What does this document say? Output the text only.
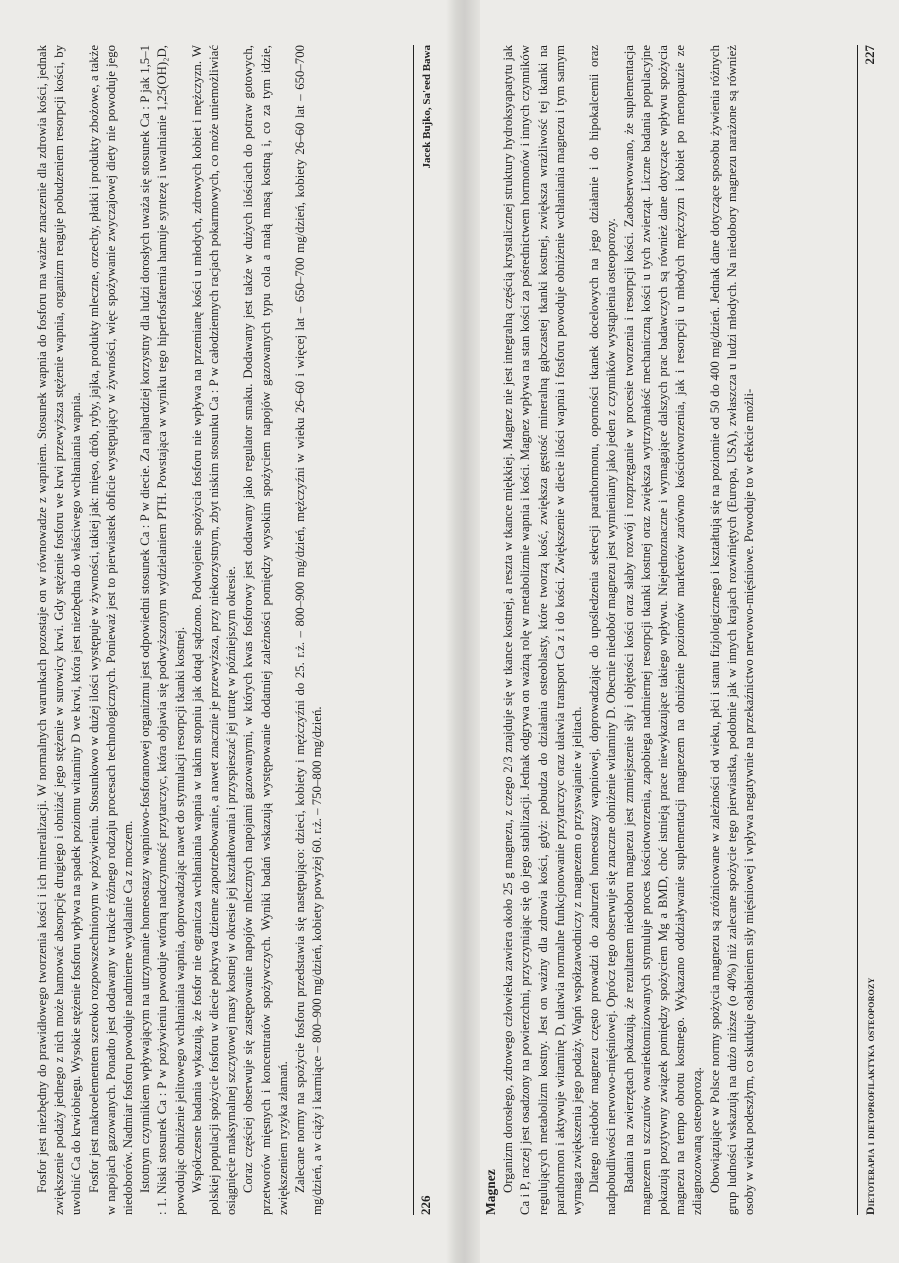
Fosfor jest niezbędny do prawidłowego tworzenia kości i ich mineralizacji. W normalnych warunkach pozostaje on w równowadze z wapniem. Stosunek wapnia do fosforu ma ważne znaczenie dla zdrowia kości, jednak zwiększenie podaży jednego z nich może hamować absorpcję drugiego i obniżać jego stężenie w surowicy krwi. Gdy stężenie fosforu we krwi przewyższa stężenie wapnia, organizm reaguje pobudzeniem resorpcji kości, by uwolnić Ca do krwiobiegu. Wysokie stężenie fosforu wpływa na spadek poziomu witaminy D we krwi, która jest niezbędna do właściwego wchłaniania wapnia. Fosfor jest makroelementem szeroko rozpowszechnionym w pożywieniu. Stosunkowo w dużej ilości występuje w żywności, takiej jak: mięso, drób, ryby, jajka, produkty mleczne, orzechy, płatki i produkty zbożowe, a także w napojach gazowanych. Ponadto jest dodawany w trakcie różnego rodzaju procesach technologicznych. Ponieważ jest to pierwiastek obficie występujący w żywności, więc spożywanie zwyczajowej diety nie powoduje jego niedoborów. Nadmiar fosforu powoduje nadmierne wydalanie Ca z moczem. Istotnym czynnikiem wpływającym na utrzymanie homeostazy wapniowo-fosforanowej organizmu jest odpowiedni stosunek Ca : P w diecie. Za najbardziej korzystny dla ludzi dorosłych uważa się stosunek Ca : P jak 1,5–1 : 1. Niski stosunek Ca : P w pożywieniu powoduje wtórną nadczynność przytarczyc, która objawia się podwyższonym wydzielaniem PTH. Powstająca w wyniku tego hiperfosfatemia hamuje syntezę i uwalnianie 1,25(OH)₂D, powodując obniżenie jelitowego wchłaniania wapnia, doprowadzając nawet do stymulacji resorpcji tkanki kostnej. Współczesne badania wykazują, że fosfor nie ogranicza wchłaniania wapnia w takim stopniu jak dotąd sądzono. Podwojenie spożycia fosforu nie wpływa na przemianę kości u młodych, zdrowych kobiet i mężczyzn. W polskiej populacji spożycie fosforu w diecie pokrywa dzienne zapotrzebowanie, a nawet znacznie je przewyższa, przy niekorzystnym, zbyt niskim stosunku Ca : P w całodziennych racjach pokarmowych, co może uniemożliwiać osiągnięcie maksymalnej szczytowej masy kostnej w okresie jej kształtowania i przyspieszać jej utratę w późniejszym okresie. Coraz częściej obserwuje się zastępowanie napojów mlecznych napojami gazowanymi, w których kwas fosforowy jest dodawany jako regulator smaku. Dodawany jest także w dużych ilościach do potraw gotowych, przetworów mięsnych i koncentratów spożywczych. Wyniki badań wskazują występowanie dodatniej zależności pomiędzy wysokim spożyciem napojów gazowanych typu cola a małą masą kostną i, co za tym idzie, zwiększeniem ryzyka złamań. Zalecane normy na spożycie fosforu przedstawia się następująco: dzieci, kobiety i mężczyźni do 25. r.ż. – 800–900 mg/dzień, mężczyźni w wieku 26–60 i więcej lat – 650–700 mg/dzień, kobiety 26–60 lat – 650–700 mg/dzień, a w ciąży i karmiące – 800–900 mg/dzień, kobiety powyżej 60. r.ż. – 750–800 mg/dzień.	226
Jacek Bujko, Sa'eed Bawa
Magnez Organizm dorosłego, zdrowego człowieka zawiera około 25 g magnezu, z czego 2/3 znajduje się w tkance kostnej, a reszta w tkance miękkiej. Magnez nie jest integralną częścią krystalicznej struktury hydroksyapatytu jak Ca i P, raczej jest osadzony na powierzchni, przyczyniając się do jego stabilizacji. Jednak odgrywa on ważną rolę w metabolizmie wapnia i kości. Magnez wpływa na stan kości za pośrednictwem hormonów i innych czynników regulujących metabolizm kostny. Jest on ważny dla zdrowia kości, gdyż: pobudza do działania osteoblasty, które tworzą kość, zwiększa gęstość mineralną gąbczastej tkanki kostnej, zwiększa wrażliwość tej tkanki na parathormon i aktywuje witaminę D, ułatwia normalne funkcjonowanie przytarczyc oraz ułatwia transport Ca z i do kości. Zwiększenie w diecie ilości wapnia i fosforu powoduje obniżenie wchłaniania magnezu i tym samym wymaga zwiększenia jego podaży. Wapń współzawodniczy z magnezem o przyswajanie w jelitach. Dlatego niedobór magnezu często prowadzi do zaburzeń homeostazy wapniowej, doprowadzając do upośledzenia sekrecji parathormonu, oporności tkanek docelowych na jego działanie i do hipokalcemii oraz nadpobudliwości nerwowo-mięśniowej. Oprócz tego obserwuje się znaczne obniżenie witaminy D. Obecnie niedobór magnezu jest wymieniany jako jeden z czynników wystąpienia osteoporozy. Badania na zwierzętach pokazują, że rezultatem niedoboru magnezu jest zmniejszenie siły i objętości kości oraz słaby rozwój i rozprzęganie w procesie tworzenia i resorpcji kości. Zaobserwowano, że suplementacja magnezem u szczurów owariektomizowanych stymuluje proces kościotworzenia, zapobiega nadmiernej resorpcji tkanki kostnej oraz zwiększa wytrzymałość mechaniczną kości u tych zwierząt. Liczne badania populacyjne pokazują pozytywny związek pomiędzy spożyciem Mg a BMD, choć istnieją prace niewykazujące takiego wpływu. Niejednoznaczne i wymagające dalszych prac badawczych są również dane dotyczące wpływu spożycia magnezu na tempo obrotu kostnego. Wykazano oddziaływanie suplementacji magnezem na obniżenie poziomów markerów zarówno kościotworzenia, jak i resorpcji u młodych mężczyzn i kobiet po menopauzie ze zdiagnozowaną osteoporozą. Obowiązujące w Polsce normy spożycia magnezu są zróżnicowane w zależności od wieku, płci i stanu fizjologicznego i kształtują się na poziomie od 50 do 400 mg/dzień. Jednak dane dotyczące sposobu żywienia różnych grup ludności wskazują na dużo niższe (o 40%) niż zalecane spożycie tego pierwiastka, podobnie jak w innych krajach rozwiniętych (Europa, USA), zwłaszcza u ludzi młodych. Na niedobory magnezu narażone są również osoby w wieku podeszłym, co skutkuje osłabieniem siły mięśniowej i wpływa negatywnie na przekaźnictwo nerwowo-mięśniowe. Powoduje to w efekcie możli-	Dietoterapia i dietoprofilaktyka osteoporozy
227
